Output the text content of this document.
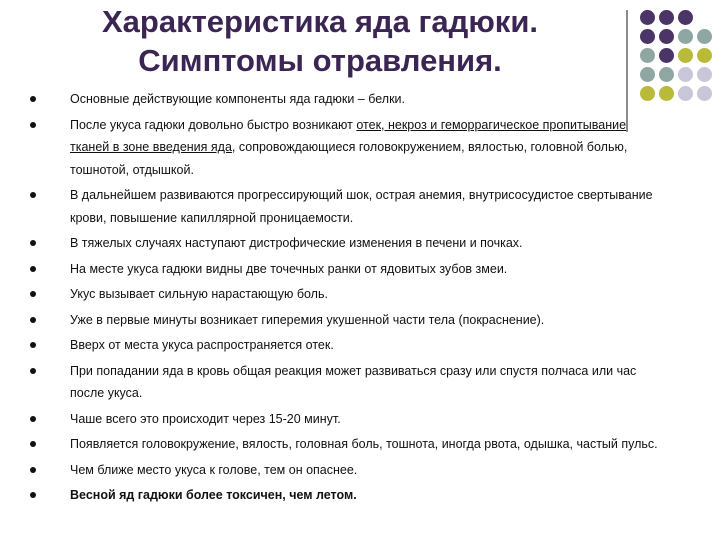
Характеристика яда гадюки.
Симптомы отравления.
Основные действующие компоненты яда гадюки – белки.
После укуса гадюки довольно быстро возникают отек, некроз и геморрагическое пропитывание тканей в зоне введения яда, сопровождающиеся головокружением, вялостью, головной болью, тошнотой, отдышкой.
В дальнейшем развиваются прогрессирующий шок, острая анемия, внутрисосудистое свертывание крови, повышение капиллярной проницаемости.
В тяжелых случаях наступают дистрофические изменения в печени и почках.
На месте укуса гадюки видны две точечных ранки от ядовитых зубов змеи.
Укус вызывает сильную нарастающую боль.
Уже в первые минуты возникает гиперемия укушенной части тела (покраснение).
Вверх от места укуса распространяется отек.
При попадании яда в кровь общая реакция может развиваться сразу или спустя полчаса или час после укуса.
Чаше всего это происходит через 15-20 минут.
Появляется головокружение, вялость, головная боль, тошнота, иногда рвота, одышка, частый пульс.
Чем ближе место укуса к голове, тем он опаснее.
Весной яд гадюки более токсичен, чем летом.
